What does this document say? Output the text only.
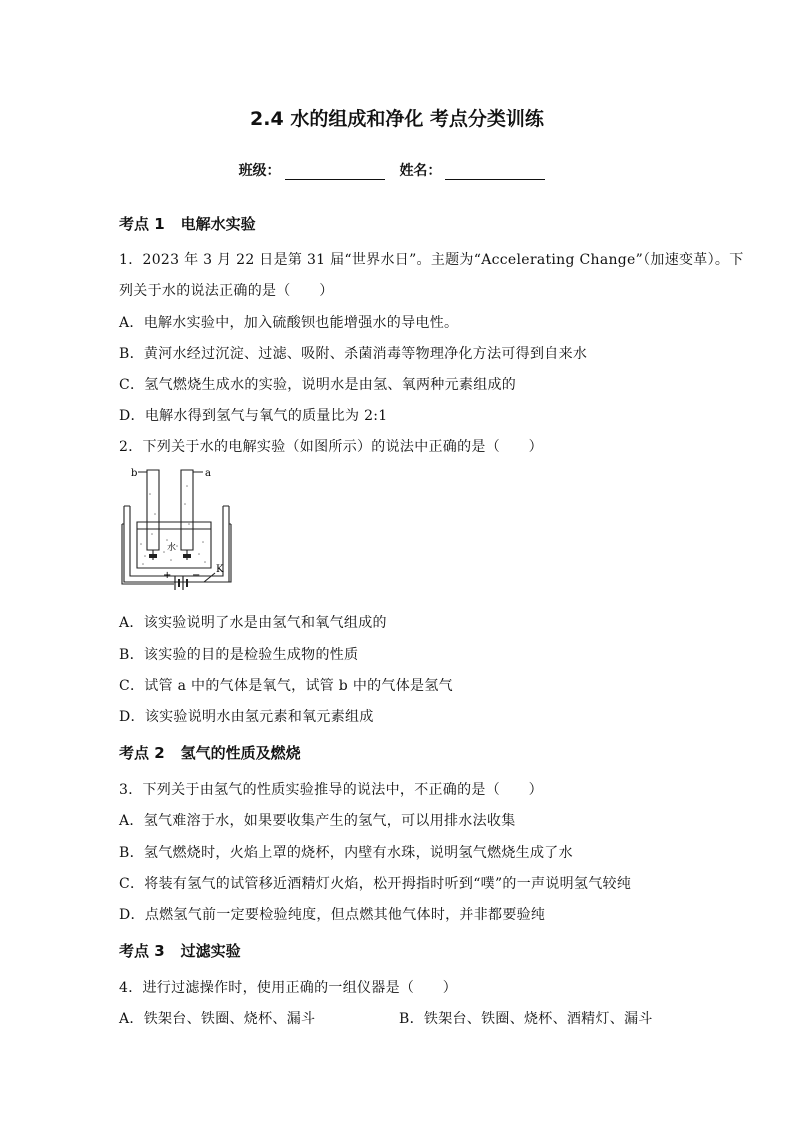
2.4 水的组成和净化 考点分类训练
班级：	姓名：
考点 1 电解水实验
1．2023 年 3 月 22 日是第 31 届“世界水日”。主题为“Accelerating Change”（加速变革）。下
列关于水的说法正确的是（　　）
A．电解水实验中，加入硫酸钡也能增强水的导电性。
B．黄河水经过沉淀、过滤、吸附、杀菌消毒等物理净化方法可得到自来水
C．氢气燃烧生成水的实验，说明水是由氢、氧两种元素组成的
D．电解水得到氢气与氧气的质量比为 2:1
2．下列关于水的电解实验（如图所示）的说法中正确的是（　　）
b	a
水
+ −
K
A．该实验说明了水是由氢气和氧气组成的
B．该实验的目的是检验生成物的性质
C．试管 a 中的气体是氧气，试管 b 中的气体是氢气
D．该实验说明水由氢元素和氧元素组成
考点 2 氢气的性质及燃烧
3．下列关于由氢气的性质实验推导的说法中，不正确的是（　　）
A．氢气难溶于水，如果要收集产生的氢气，可以用排水法收集
B．氢气燃烧时，火焰上罩的烧杯，内壁有水珠，说明氢气燃烧生成了水
C．将装有氢气的试管移近酒精灯火焰，松开拇指时听到“噗”的一声说明氢气较纯
D．点燃氢气前一定要检验纯度，但点燃其他气体时，并非都要验纯
考点 3 过滤实验
4．进行过滤操作时，使用正确的一组仪器是（　　）
A．铁架台、铁圈、烧杯、漏斗	B．铁架台、铁圈、烧杯、酒精灯、漏斗
